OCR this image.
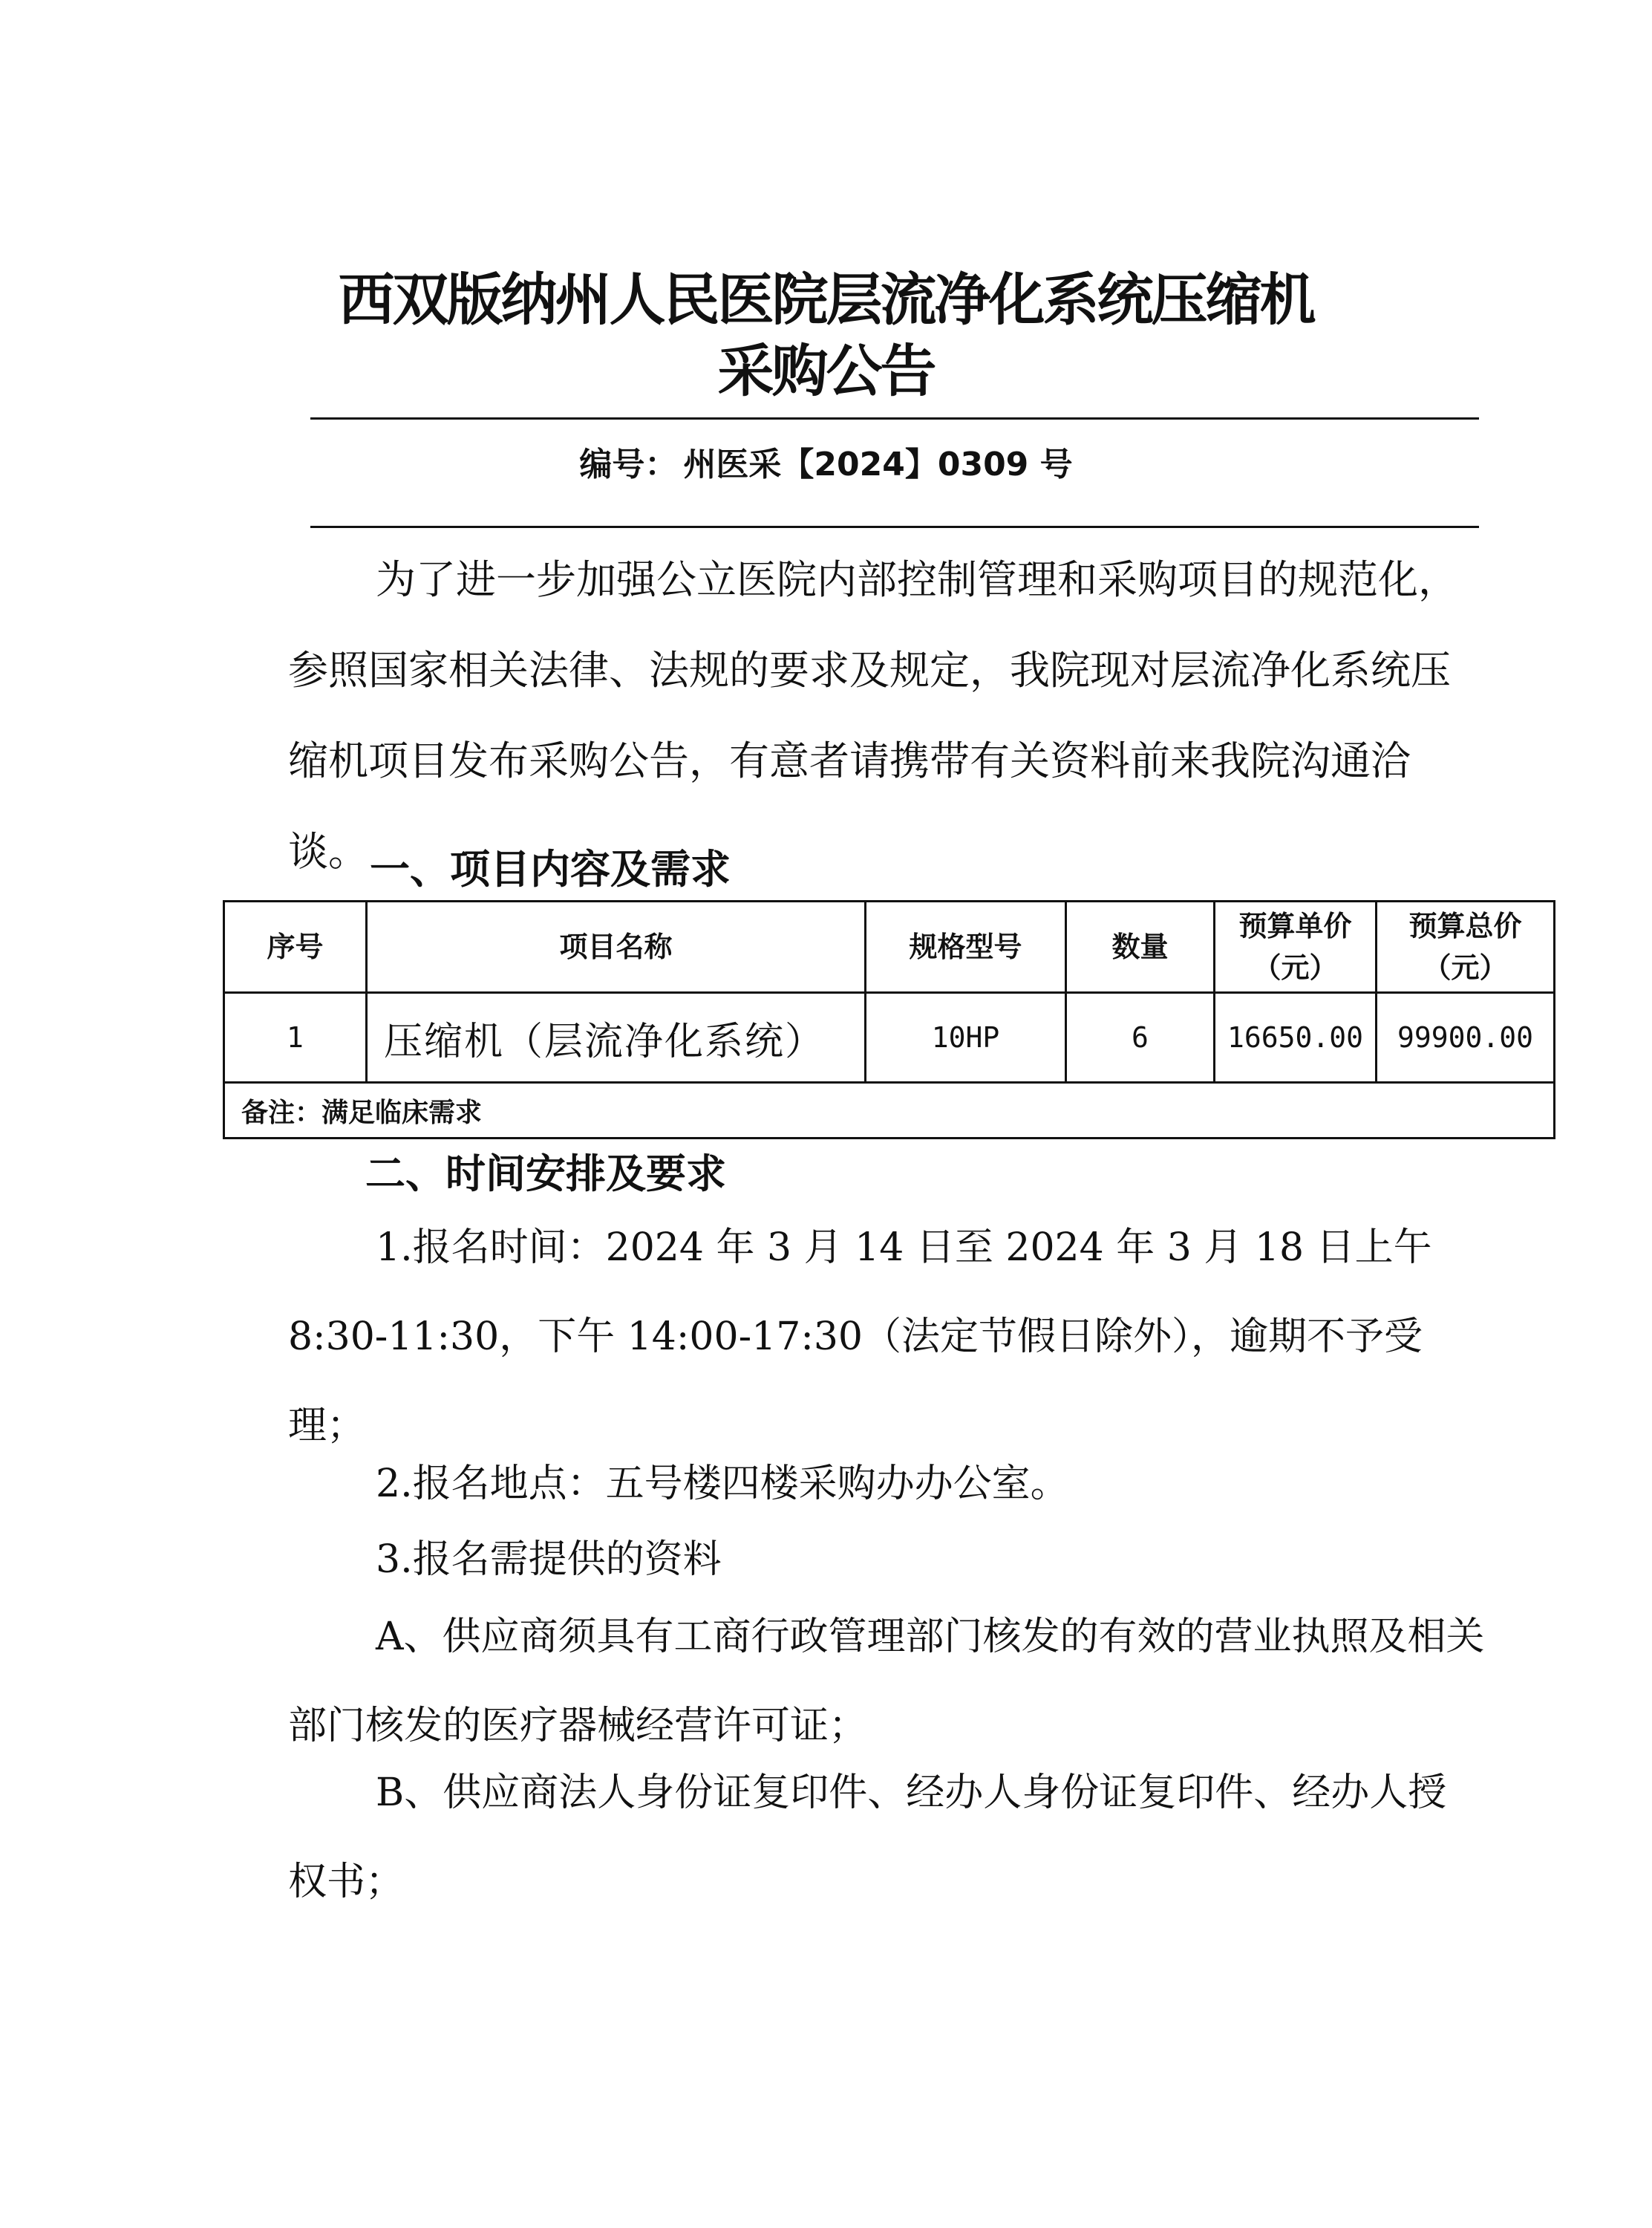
西双版纳州人民医院层流净化系统压缩机
采购公告
编号： 州医采【2024】0309 号

为了进一步加强公立医院内部控制管理和采购项目的规范化，参照国家相关法律、法规的要求及规定，我院现对层流净化系统压缩机项目发布采购公告，有意者请携带有关资料前来我院沟通洽谈。 一、项目内容及需求
序号	项目名称	规格型号	数量	预算单价（元）	预算总价（元）
1	压缩机（层流净化系统）	10HP	6	16650.00	99900.00
备注：满足临床需求					
二、时间安排及要求

1.报名时间：2024 年 3 月 14 日至 2024 年 3 月 18 日上午 8:30-11:30，下午 14:00-17:30（法定节假日除外），逾期不予受理；

2.报名地点：五号楼四楼采购办办公室。

3.报名需提供的资料

A、供应商须具有工商行政管理部门核发的有效的营业执照及相关部门核发的医疗器械经营许可证；

B、供应商法人身份证复印件、经办人身份证复印件、经办人授权书；
